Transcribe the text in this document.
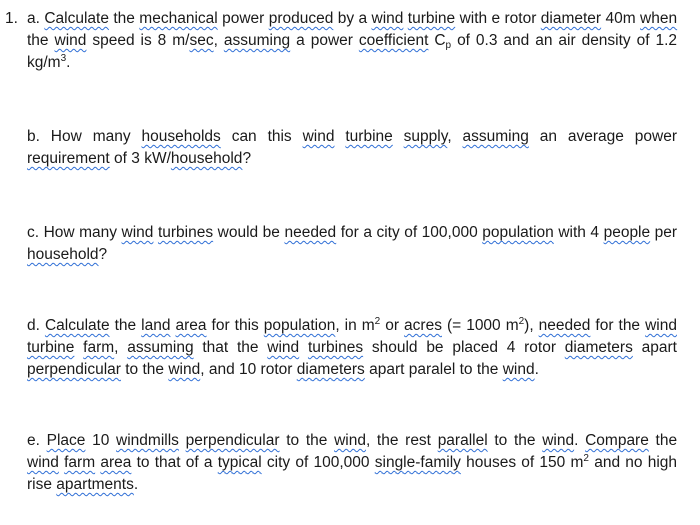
1. a. Calculate the mechanical power produced by a wind turbine with e rotor diameter 40m when the wind speed is 8 m/sec, assuming a power coefficient $C_p$ of 0.3 and an air density of 1.2 $kg/m^3$.

b. How many households can this wind turbine supply, assuming an average power requirement of 3 kW/household?

c. How many wind turbines would be needed for a city of 100,000 population with 4 people per household?

d. Calculate the land area for this population, in $m^2$ or acres (= 1000 $m^2$), needed for the wind turbine farm, assuming that the wind turbines should be placed 4 rotor diameters apart perpendicular to the wind, and 10 rotor diameters apart paralel to the wind.

e. Place 10 windmills perpendicular to the wind, the rest parallel to the wind. Compare the wind farm area to that of a typical city of 100,000 single-family houses of 150 $m^2$ and no high rise apartments.
